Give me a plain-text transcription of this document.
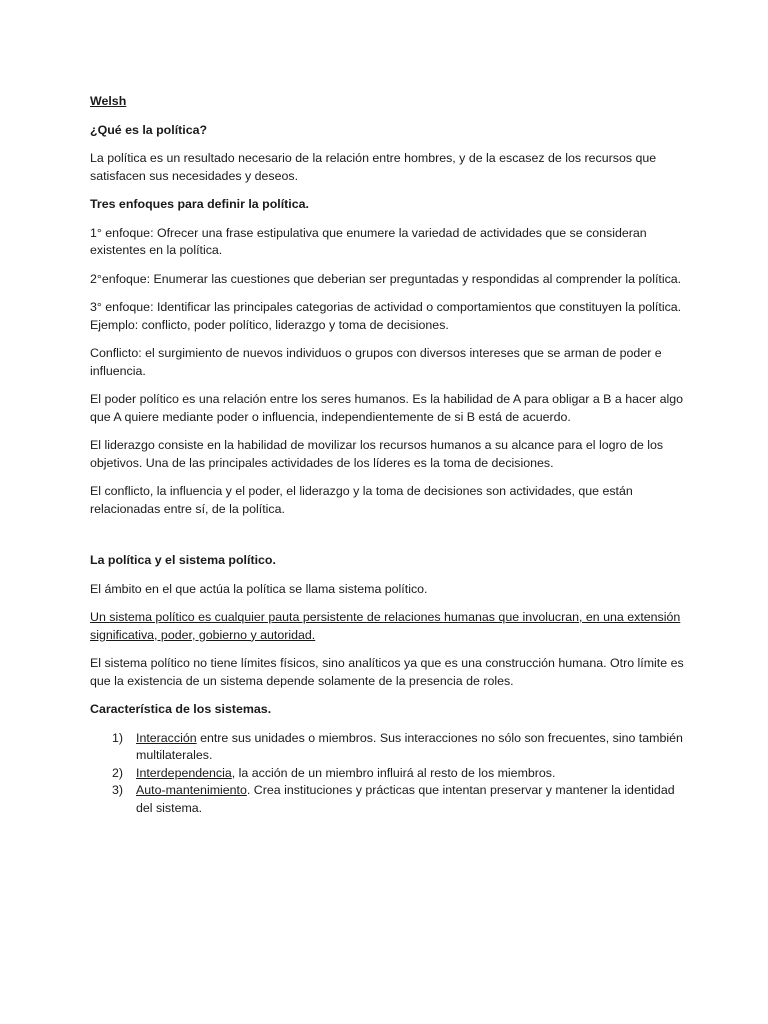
Welsh

¿Qué es la política?

La política es un resultado necesario de la relación entre hombres, y de la escasez de los recursos que satisfacen sus necesidades y deseos.

Tres enfoques para definir la política.

1° enfoque: Ofrecer una frase estipulativa que enumere la variedad de actividades que se consideran existentes en la política.

2°enfoque: Enumerar las cuestiones que deberian ser preguntadas y respondidas al comprender la política.

3° enfoque: Identificar las principales categorias de actividad o comportamientos que constituyen la política. Ejemplo: conflicto, poder político, liderazgo y toma de decisiones.

Conflicto: el surgimiento de nuevos individuos o grupos con diversos intereses que se arman de poder e influencia.

El poder político es una relación entre los seres humanos. Es la habilidad de A para obligar a B a hacer algo que A quiere mediante poder o influencia, independientemente de si B está de acuerdo.

El liderazgo consiste en la habilidad de movilizar los recursos humanos a su alcance para el logro de los objetivos. Una de las principales actividades de los líderes es la toma de decisiones.

El conflicto, la influencia y el poder, el liderazgo y la toma de decisiones son actividades, que están relacionadas entre sí, de la política.

La política y el sistema político.

El ámbito en el que actúa la política se llama sistema político.

Un sistema político es cualquier pauta persistente de relaciones humanas que involucran, en una extensión significativa, poder, gobierno y autoridad.

El sistema político no tiene límites físicos, sino analíticos ya que es una construcción humana. Otro límite es que la existencia de un sistema depende solamente de la presencia de roles.

Característica de los sistemas.

1) Interacción entre sus unidades o miembros. Sus interacciones no sólo son frecuentes, sino también multilaterales.
2) Interdependencia, la acción de un miembro influirá al resto de los miembros.
3) Auto-mantenimiento. Crea instituciones y prácticas que intentan preservar y mantener la identidad del sistema.
